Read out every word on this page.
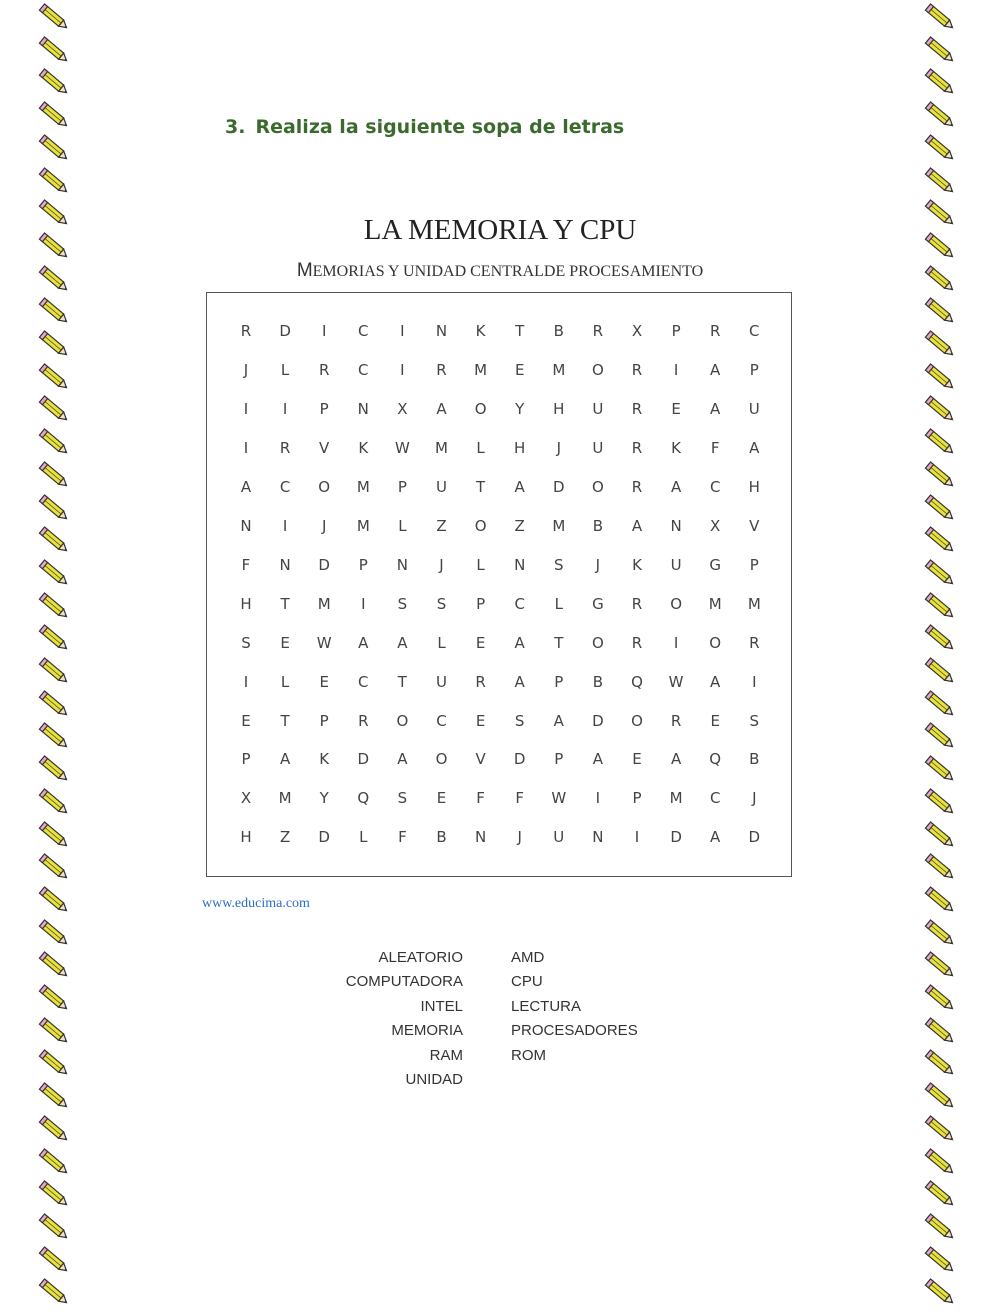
3. Realiza la siguiente sopa de letras
LA MEMORIA Y CPU
MEMORIAS Y UNIDAD CENTRALDE PROCESAMIENTO
R	D	I	C	I	N	K	T	B	R	X	P	R	C
J	L	R	C	I	R	M	E	M	O	R	I	A	P
I	I	P	N	X	A	O	Y	H	U	R	E	A	U
I	R	V	K	W	M	L	H	J	U	R	K	F	A
A	C	O	M	P	U	T	A	D	O	R	A	C	H
N	I	J	M	L	Z	O	Z	M	B	A	N	X	V
F	N	D	P	N	J	L	N	S	J	K	U	G	P
H	T	M	I	S	S	P	C	L	G	R	O	M	M
S	E	W	A	A	L	E	A	T	O	R	I	O	R
I	L	E	C	T	U	R	A	P	B	Q	W	A	I
E	T	P	R	O	C	E	S	A	D	O	R	E	S
P	A	K	D	A	O	V	D	P	A	E	A	Q	B
X	M	Y	Q	S	E	F	F	W	I	P	M	C	J
H	Z	D	L	F	B	N	J	U	N	I	D	A	D
www.educima.com
ALEATORIO
COMPUTADORA
INTEL
MEMORIA
RAM
UNIDAD
AMD
CPU
LECTURA
PROCESADORES
ROM
